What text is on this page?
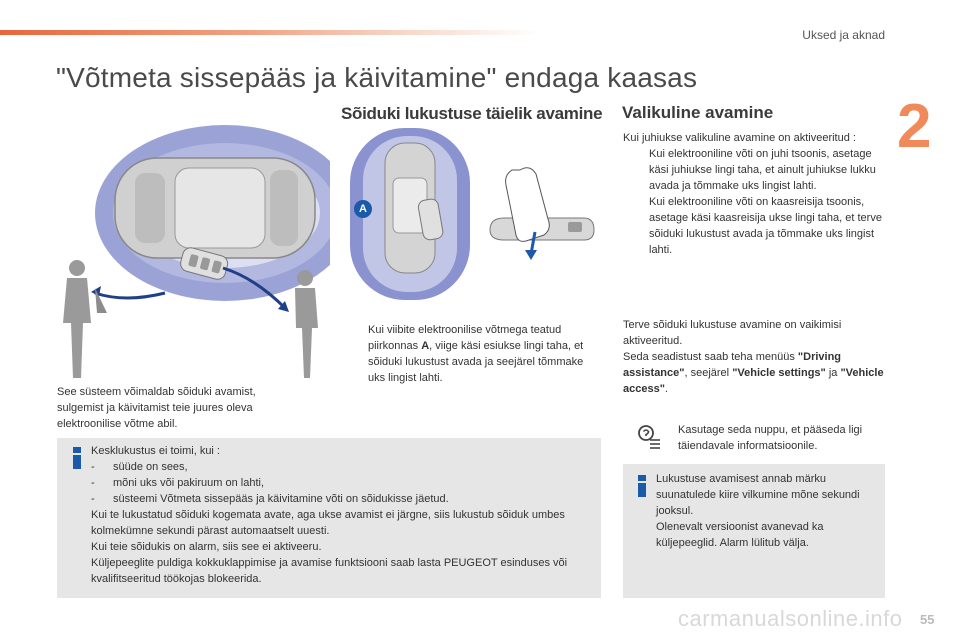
Uksed ja aknad
2
"Võtmeta sissepääs ja käivitamine" endaga kaasas
A
Sõiduki lukustuse täielik avamine
Kui viibite elektroonilise võtmega teatud piirkonnas A, viige käsi esiukse lingi taha, et sõiduki lukustust avada ja seejärel tõmmake uks lingist lahti.
See süsteem võimaldab sõiduki avamist, sulgemist ja käivitamist teie juures oleva elektroonilise võtme abil.
Valikuline avamine
Kui juhiukse valikuline avamine on aktiveeritud :
Kui elektrooniline võti on juhi tsoonis, asetage käsi juhiukse lingi taha, et ainult juhiukse lukku avada ja tõmmake uks lingist lahti.
Kui elektrooniline võti on kaasreisija tsoonis, asetage käsi kaasreisija ukse lingi taha, et terve sõiduki lukustust avada ja tõmmake uks lingist lahti.
Terve sõiduki lukustuse avamine on vaikimisi aktiveeritud.
Seda seadistust saab teha menüüs "Driving assistance", seejärel "Vehicle settings" ja "Vehicle access".
Kasutage seda nuppu, et pääseda ligi täiendavale informatsioonile.
Kesklukustus ei toimi, kui :
-	süüde on sees,
-	mõni uks või pakiruum on lahti,
-	süsteemi Võtmeta sissepääs ja käivitamine võti on sõidukisse jäetud.
Kui te lukustatud sõiduki kogemata avate, aga ukse avamist ei järgne, siis lukustub sõiduk umbes kolmekümne sekundi pärast automaatselt uuesti.
Kui teie sõidukis on alarm, siis see ei aktiveeru.
Küljepeeglite puldiga kokkuklappimise ja avamise funktsiooni saab lasta PEUGEOT esinduses või kvalifitseeritud töökojas blokeerida.
Lukustuse avamisest annab märku suunatulede kiire vilkumine mõne sekundi jooksul.
Olenevalt versioonist avanevad ka küljepeeglid. Alarm lülitub välja.
carmanualsonline.info 55
